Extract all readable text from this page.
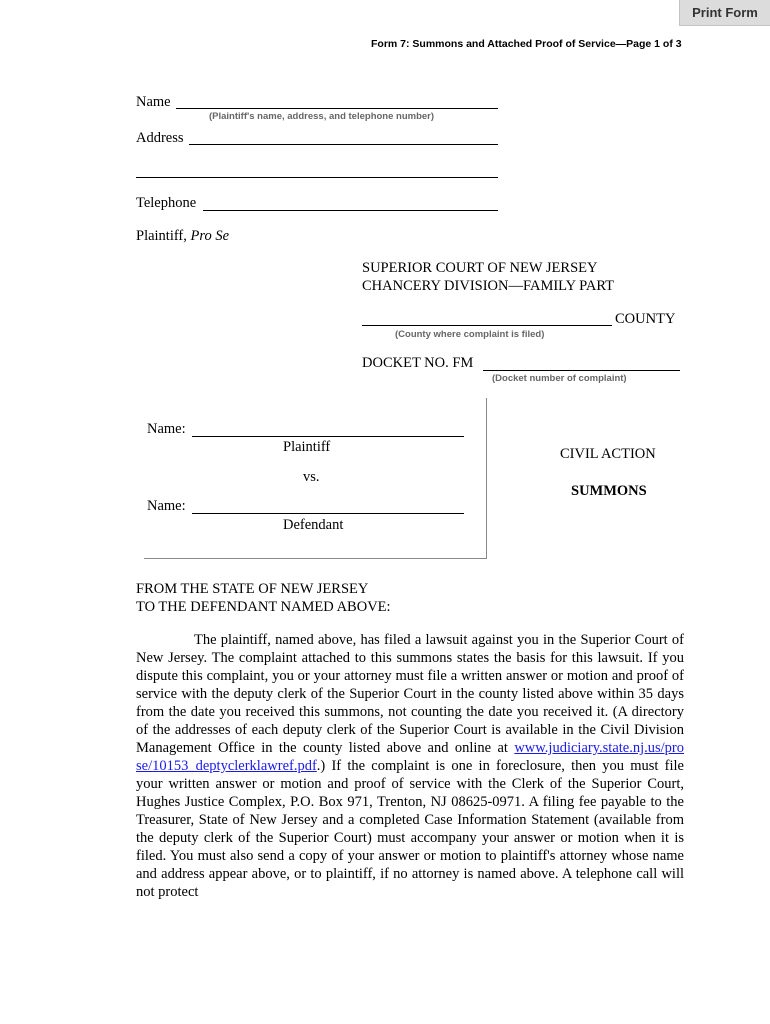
Print Form
Form 7: Summons and Attached Proof of Service—Page 1 of 3
Name
(Plaintiff's name, address, and telephone number)
Address
Telephone
Plaintiff, Pro Se
SUPERIOR COURT OF NEW JERSEY
CHANCERY DIVISION—FAMILY PART
COUNTY
(County where complaint is filed)
DOCKET NO. FM
(Docket number of complaint)
Name:
Plaintiff
vs.
Name:
Defendant
CIVIL ACTION
SUMMONS
FROM THE STATE OF NEW JERSEY
TO THE DEFENDANT NAMED ABOVE:

The plaintiff, named above, has filed a lawsuit against you in the Superior Court of New Jersey. The complaint attached to this summons states the basis for this lawsuit. If you dispute this complaint, you or your attorney must file a written answer or motion and proof of service with the deputy clerk of the Superior Court in the county listed above within 35 days from the date you received this summons, not counting the date you received it. (A directory of the addresses of each deputy clerk of the Superior Court is available in the Civil Division Management Office in the county listed above and online at www.judiciary.state.nj.us/pro se/10153_deptyclerklawref.pdf.) If the complaint is one in foreclosure, then you must file your written answer or motion and proof of service with the Clerk of the Superior Court, Hughes Justice Complex, P.O. Box 971, Trenton, NJ 08625-0971. A filing fee payable to the Treasurer, State of New Jersey and a completed Case Information Statement (available from the deputy clerk of the Superior Court) must accompany your answer or motion when it is filed. You must also send a copy of your answer or motion to plaintiff's attorney whose name and address appear above, or to plaintiff, if no attorney is named above. A telephone call will not protect
